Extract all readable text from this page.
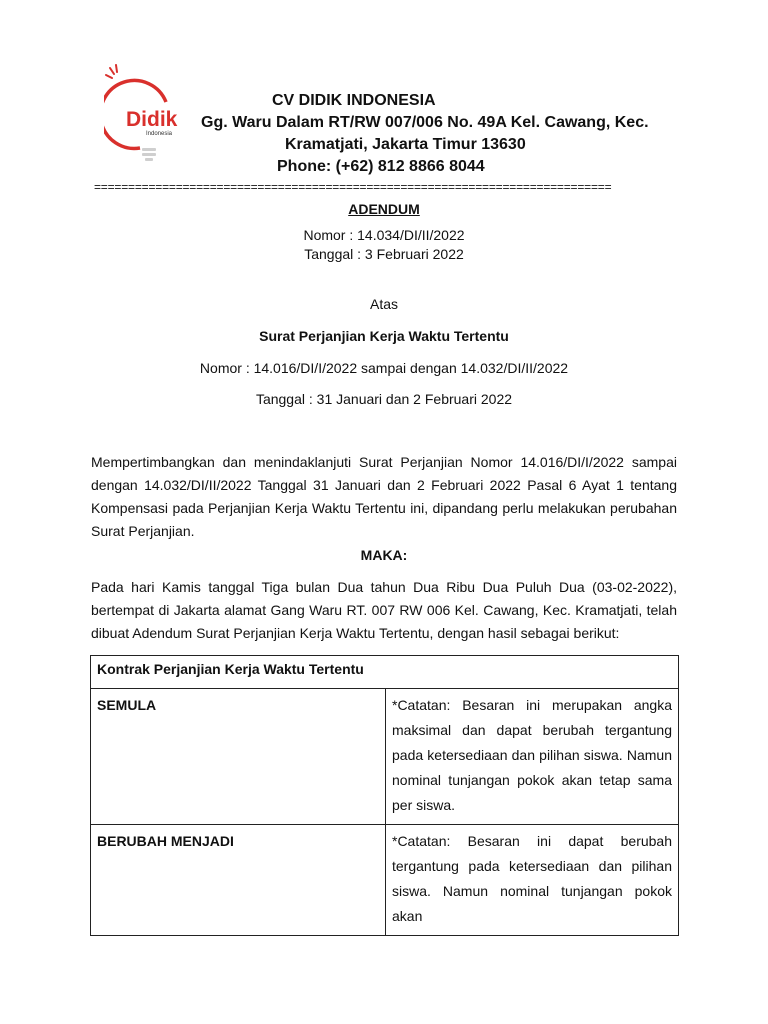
Didik
Indonesia
CV DIDIK INDONESIA
Gg. Waru Dalam RT/RW 007/006 No. 49A Kel. Cawang, Kec.
Kramatjati, Jakarta Timur 13630
Phone: (+62) 812 8866 8044
============================================================================
ADENDUM
Nomor : 14.034/DI/II/2022
Tanggal : 3 Februari 2022
Atas
Surat Perjanjian Kerja Waktu Tertentu
Nomor : 14.016/DI/I/2022 sampai dengan 14.032/DI/II/2022
Tanggal : 31 Januari dan 2 Februari 2022
Mempertimbangkan dan menindaklanjuti Surat Perjanjian Nomor 14.016/DI/I/2022 sampai dengan 14.032/DI/II/2022 Tanggal 31 Januari dan 2 Februari 2022 Pasal 6 Ayat 1 tentang Kompensasi pada Perjanjian Kerja Waktu Tertentu ini, dipandang perlu melakukan perubahan Surat Perjanjian.
MAKA:
Pada hari Kamis tanggal Tiga bulan Dua tahun Dua Ribu Dua Puluh Dua (03-02-2022), bertempat di Jakarta alamat Gang Waru RT. 007 RW 006 Kel. Cawang, Kec. Kramatjati, telah dibuat Adendum Surat Perjanjian Kerja Waktu Tertentu, dengan hasil sebagai berikut:
Kontrak Perjanjian Kerja Waktu Tertentu	
SEMULA	*Catatan: Besaran ini merupakan angka maksimal dan dapat berubah tergantung pada ketersediaan dan pilihan siswa. Namun nominal tunjangan pokok akan tetap sama per siswa.
BERUBAH MENJADI	*Catatan: Besaran ini dapat berubah tergantung pada ketersediaan dan pilihan siswa. Namun nominal tunjangan pokok akan
